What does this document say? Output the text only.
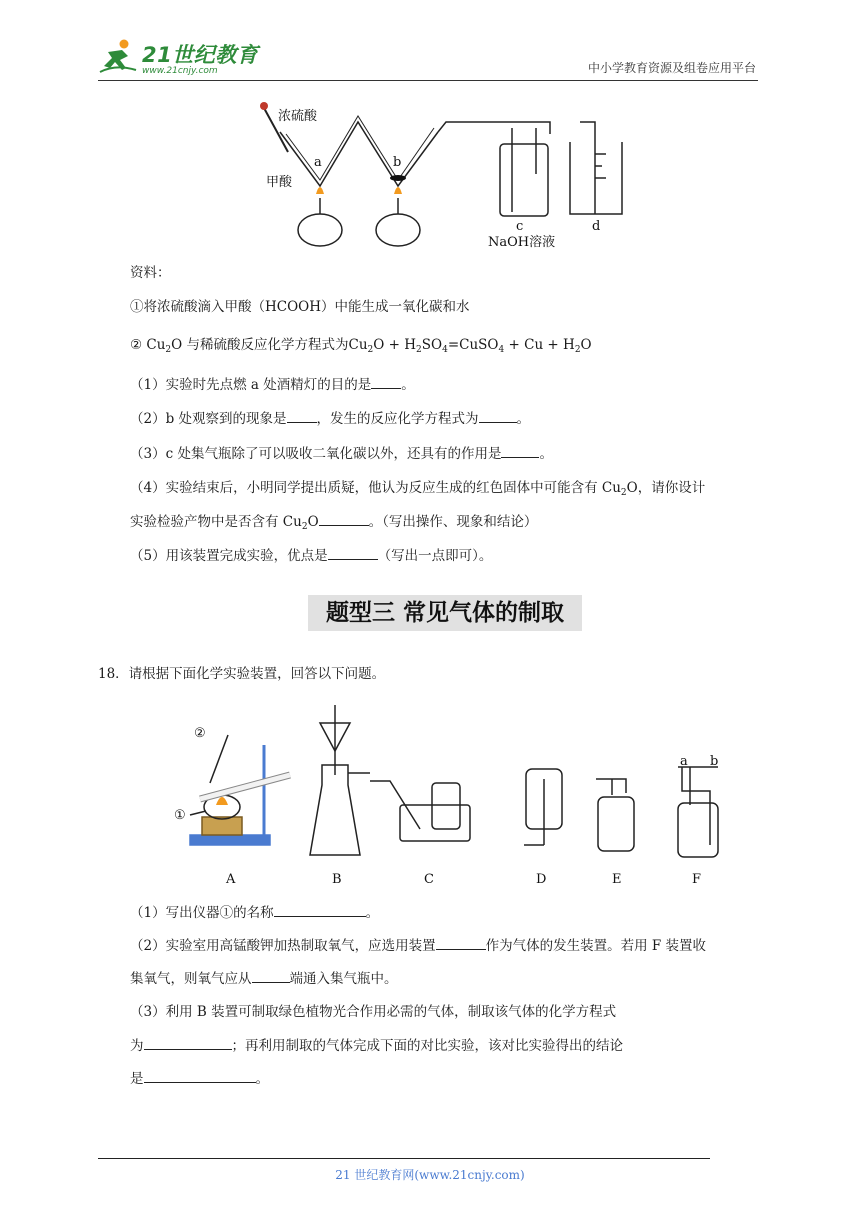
21世纪教育
www.21cnjy.com	中小学教育资源及组卷应用平台
浓硫酸
甲酸
a	b
c	d
NaOH溶液
资料：
①将浓硫酸滴入甲酸（HCOOH）中能生成一氧化碳和水
② $Cu_2O$ 与稀硫酸反应化学方程式为$Cu_2O$ + $H_2SO_4=CuSO_4 + Cu + H_2O$
（1）实验时先点燃 a 处酒精灯的目的是 。
（2）b 处观察到的现象是 ，发生的反应化学方程式为	。
（3）c 处集气瓶除了可以吸收二氧化碳以外，还具有的作用是	。
（4）实验结束后，小明同学提出质疑，他认为反应生成的红色固体中可能含有 $Cu_2O$，请你设计
实验检验产物中是否含有 $Cu_2O$	。（写出操作、现象和结论）
（5）用该装置完成实验，优点是	（写出一点即可）。
题型三 常见气体的制取
18．请根据下面化学实验装置，回答以下问题。
②
①
a b
A	B	C	D	E	F
（1）写出仪器①的名称	。
（2）实验室用高锰酸钾加热制取氧气，应选用装置	作为气体的发生装置。若用 F 装置收
集氧气，则氧气应从	端通入集气瓶中。
（3）利用 B 装置可制取绿色植物光合作用必需的气体，制取该气体的化学方程式
为	；再利用制取的气体完成下面的对比实验，该对比实验得出的结论
是	。
21 世纪教育网(www.21cnjy.com)
